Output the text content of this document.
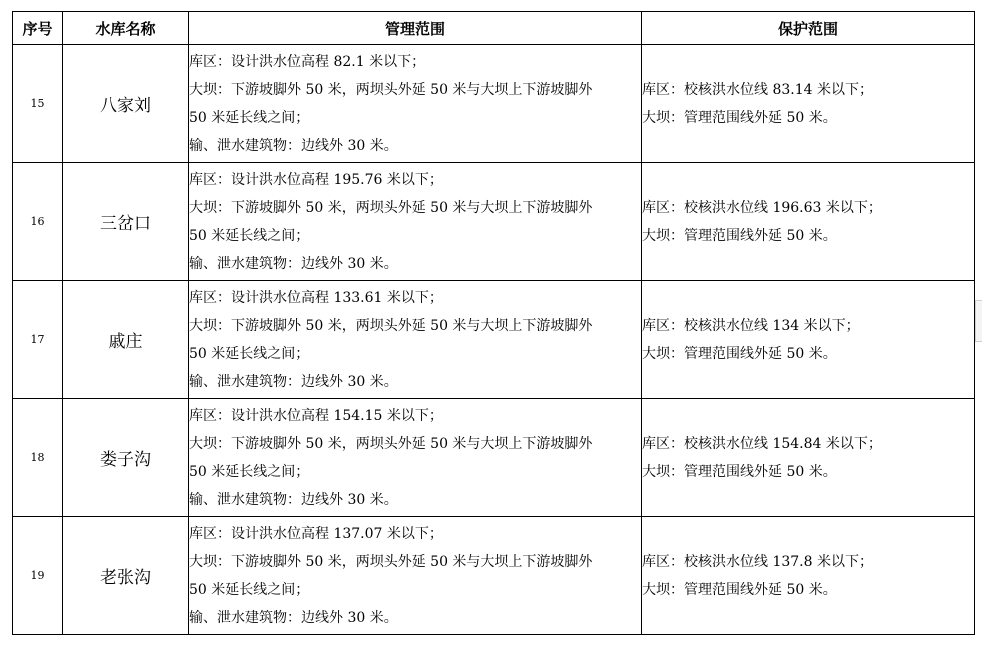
序号	水库名称	管理范围	保护范围
15	八家刘	库区：设计洪水位高程 82.1 米以下；
大坝：下游坡脚外 50 米，两坝头外延 50 米与大坝上下游坡脚外
50 米延长线之间；
输、泄水建筑物：边线外 30 米。	库区：校核洪水位线 83.14 米以下；
大坝：管理范围线外延 50 米。

16	三岔口	库区：设计洪水位高程 195.76 米以下；
大坝：下游坡脚外 50 米，两坝头外延 50 米与大坝上下游坡脚外
50 米延长线之间；
输、泄水建筑物：边线外 30 米。	库区：校核洪水位线 196.63 米以下；
大坝：管理范围线外延 50 米。

17	戚庄	库区：设计洪水位高程 133.61 米以下；
大坝：下游坡脚外 50 米，两坝头外延 50 米与大坝上下游坡脚外
50 米延长线之间；
输、泄水建筑物：边线外 30 米。	库区：校核洪水位线 134 米以下；
大坝：管理范围线外延 50 米。

18	娄子沟	库区：设计洪水位高程 154.15 米以下；
大坝：下游坡脚外 50 米，两坝头外延 50 米与大坝上下游坡脚外
50 米延长线之间；
输、泄水建筑物：边线外 30 米。	库区：校核洪水位线 154.84 米以下；
大坝：管理范围线外延 50 米。

19	老张沟	库区：设计洪水位高程 137.07 米以下；
大坝：下游坡脚外 50 米，两坝头外延 50 米与大坝上下游坡脚外
50 米延长线之间；
输、泄水建筑物：边线外 30 米。	库区：校核洪水位线 137.8 米以下；
大坝：管理范围线外延 50 米。
